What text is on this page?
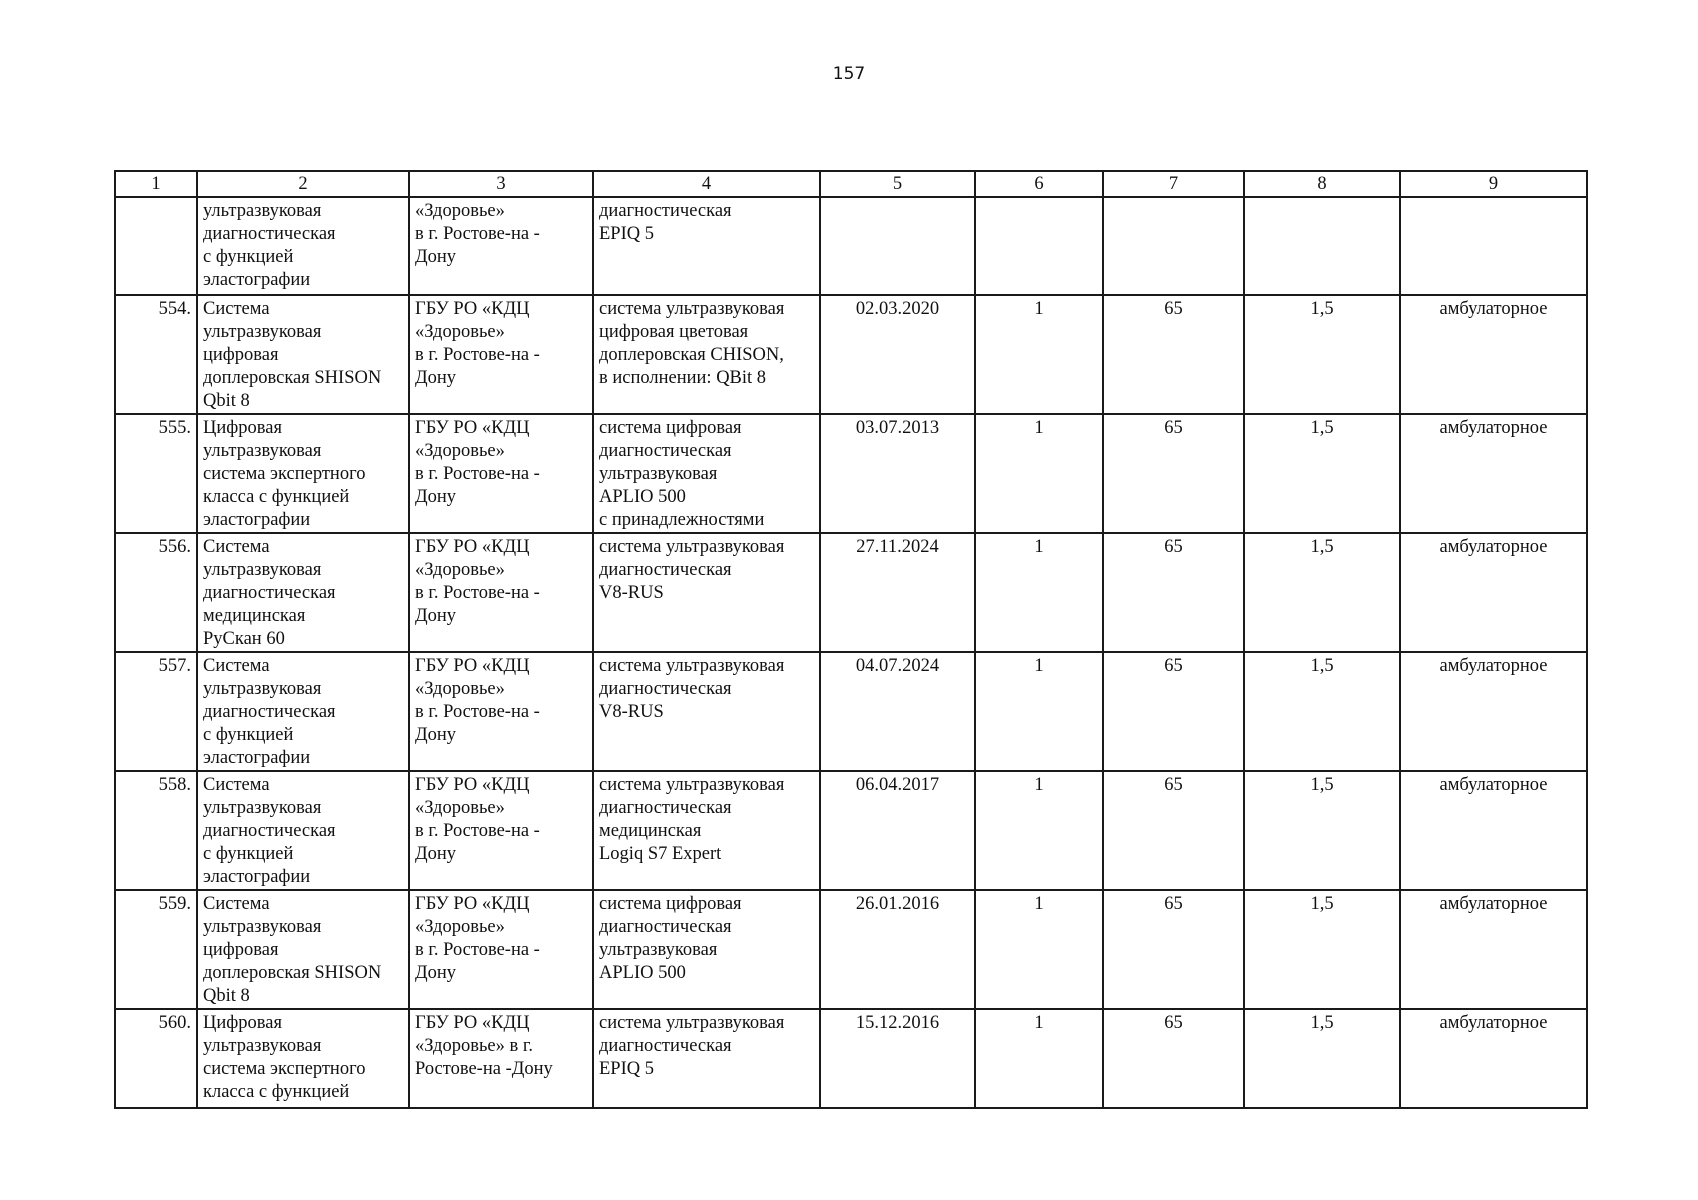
157
1	2	3	4	5	6	7	8	9
	ультразвуковая
диагностическая
с функцией
эластографии	«Здоровье»
в г. Ростове-на -
Дону	диагностическая
EPIQ 5					
554.	Система
ультразвуковая
цифровая
доплеровская SHISON
Qbit 8	ГБУ РО «КДЦ
«Здоровье»
в г. Ростове-на -
Дону	система ультразвуковая
цифровая цветовая
доплеровская CHISON,
в исполнении: QBit 8	02.03.2020	1	65	1,5	амбулаторное
555.	Цифровая
ультразвуковая
система экспертного
класса с функцией
эластографии	ГБУ РО «КДЦ
«Здоровье»
в г. Ростове-на -
Дону	система цифровая
диагностическая
ультразвуковая
APLIO 500
с принадлежностями	03.07.2013	1	65	1,5	амбулаторное
556.	Система
ультразвуковая
диагностическая
медицинская
РуСкан 60	ГБУ РО «КДЦ
«Здоровье»
в г. Ростове-на -
Дону	система ультразвуковая
диагностическая
V8-RUS	27.11.2024	1	65	1,5	амбулаторное
557.	Система
ультразвуковая
диагностическая
с функцией
эластографии	ГБУ РО «КДЦ
«Здоровье»
в г. Ростове-на -
Дону	система ультразвуковая
диагностическая
V8-RUS	04.07.2024	1	65	1,5	амбулаторное
558.	Система
ультразвуковая
диагностическая
с функцией
эластографии	ГБУ РО «КДЦ
«Здоровье»
в г. Ростове-на -
Дону	система ультразвуковая
диагностическая
медицинская
Logiq S7 Expert	06.04.2017	1	65	1,5	амбулаторное
559.	Система
ультразвуковая
цифровая
доплеровская SHISON
Qbit 8	ГБУ РО «КДЦ
«Здоровье»
в г. Ростове-на -
Дону	система цифровая
диагностическая
ультразвуковая
APLIO 500	26.01.2016	1	65	1,5	амбулаторное
560.	Цифровая
ультразвуковая
система экспертного
класса с функцией	ГБУ РО «КДЦ
«Здоровье» в г.
Ростове-на -Дону	система ультразвуковая
диагностическая
EPIQ 5	15.12.2016	1	65	1,5	амбулаторное
